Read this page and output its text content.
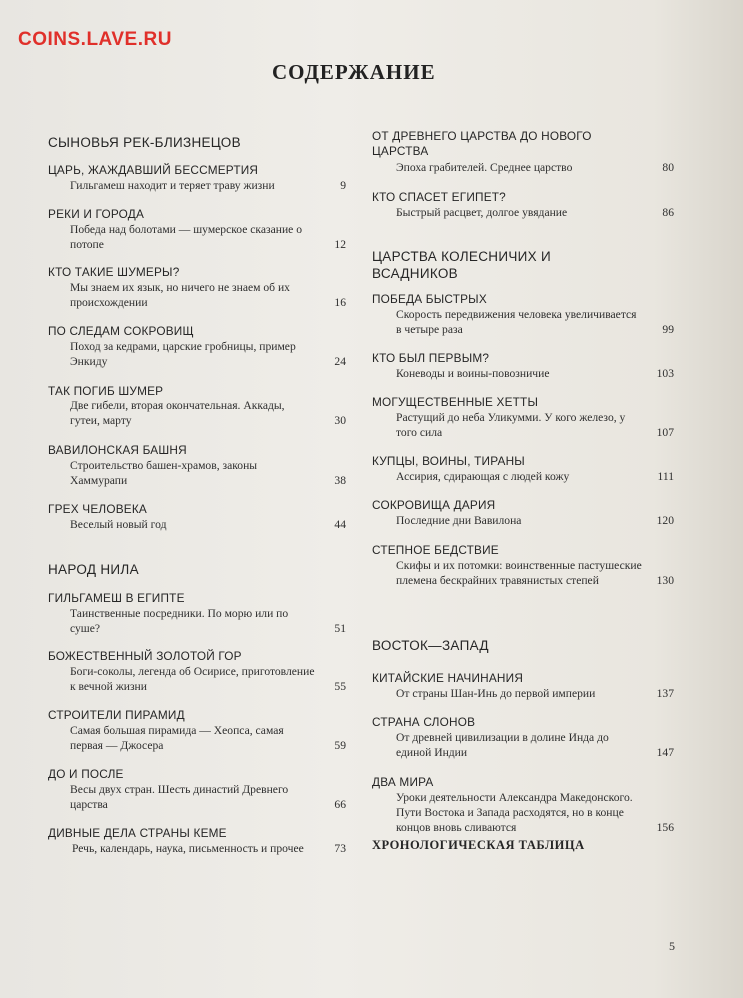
COINS.LAVE.RU
СОДЕРЖАНИЕ
СЫНОВЬЯ РЕК-БЛИЗНЕЦОВ
ЦАРЬ, ЖАЖДАВШИЙ БЕССМЕРТИЯ
Гильгамеш находит и теряет траву жизни	9
РЕКИ И ГОРОДА
Победа над болотами — шумерское сказание о потопе	12
КТО ТАКИЕ ШУМЕРЫ?
Мы знаем их язык, но ничего не знаем об их происхождении	16
ПО СЛЕДАМ СОКРОВИЩ
Поход за кедрами, царские гробницы, пример Энкиду	24
ТАК ПОГИБ ШУМЕР
Две гибели, вторая окончательная. Аккады, гутеи, марту	30
ВАВИЛОНСКАЯ БАШНЯ
Строительство башен-храмов, законы Хаммурапи	38
ГРЕХ ЧЕЛОВЕКА
Веселый новый год	44
НАРОД НИЛА
ГИЛЬГАМЕШ В ЕГИПТЕ
Таинственные посредники. По морю или по суше?	51
БОЖЕСТВЕННЫЙ ЗОЛОТОЙ ГОР
Боги-соколы, легенда об Осирисе, приготовление к вечной жизни	55
СТРОИТЕЛИ ПИРАМИД
Самая большая пирамида — Хеопса, самая первая — Джосера	59
ДО И ПОСЛЕ
Весы двух стран. Шесть династий Древнего царства	66
ДИВНЫЕ ДЕЛА СТРАНЫ КЕМЕ
Речь, календарь, наука, письменность и прочее	73
ОТ ДРЕВНЕГО ЦАРСТВА ДО НОВОГО ЦАРСТВА
Эпоха грабителей. Среднее царство	80
КТО СПАСЕТ ЕГИПЕТ?
Быстрый расцвет, долгое увядание	86
ЦАРСТВА КОЛЕСНИЧИХ И ВСАДНИКОВ
ПОБЕДА БЫСТРЫХ
Скорость передвижения человека увеличивается в четыре раза	99
КТО БЫЛ ПЕРВЫМ?
Коневоды и воины-повозничие	103
МОГУЩЕСТВЕННЫЕ ХЕТТЫ
Растущий до неба Уликумми. У кого железо, у того сила	107
КУПЦЫ, ВОИНЫ, ТИРАНЫ
Ассирия, сдирающая с людей кожу	111
СОКРОВИЩА ДАРИЯ
Последние дни Вавилона	120
СТЕПНОЕ БЕДСТВИЕ
Скифы и их потомки: воинственные пастушеские племена бескрайних травянистых степей	130
ВОСТОК—ЗАПАД
КИТАЙСКИЕ НАЧИНАНИЯ
От страны Шан-Инь до первой империи	137
СТРАНА СЛОНОВ
От древней цивилизации в долине Инда до единой Индии	147
ДВА МИРА
Уроки деятельности Александра Македонского. Пути Востока и Запада расходятся, но в конце концов вновь сливаются	156
ХРОНОЛОГИЧЕСКАЯ ТАБЛИЦА
5
